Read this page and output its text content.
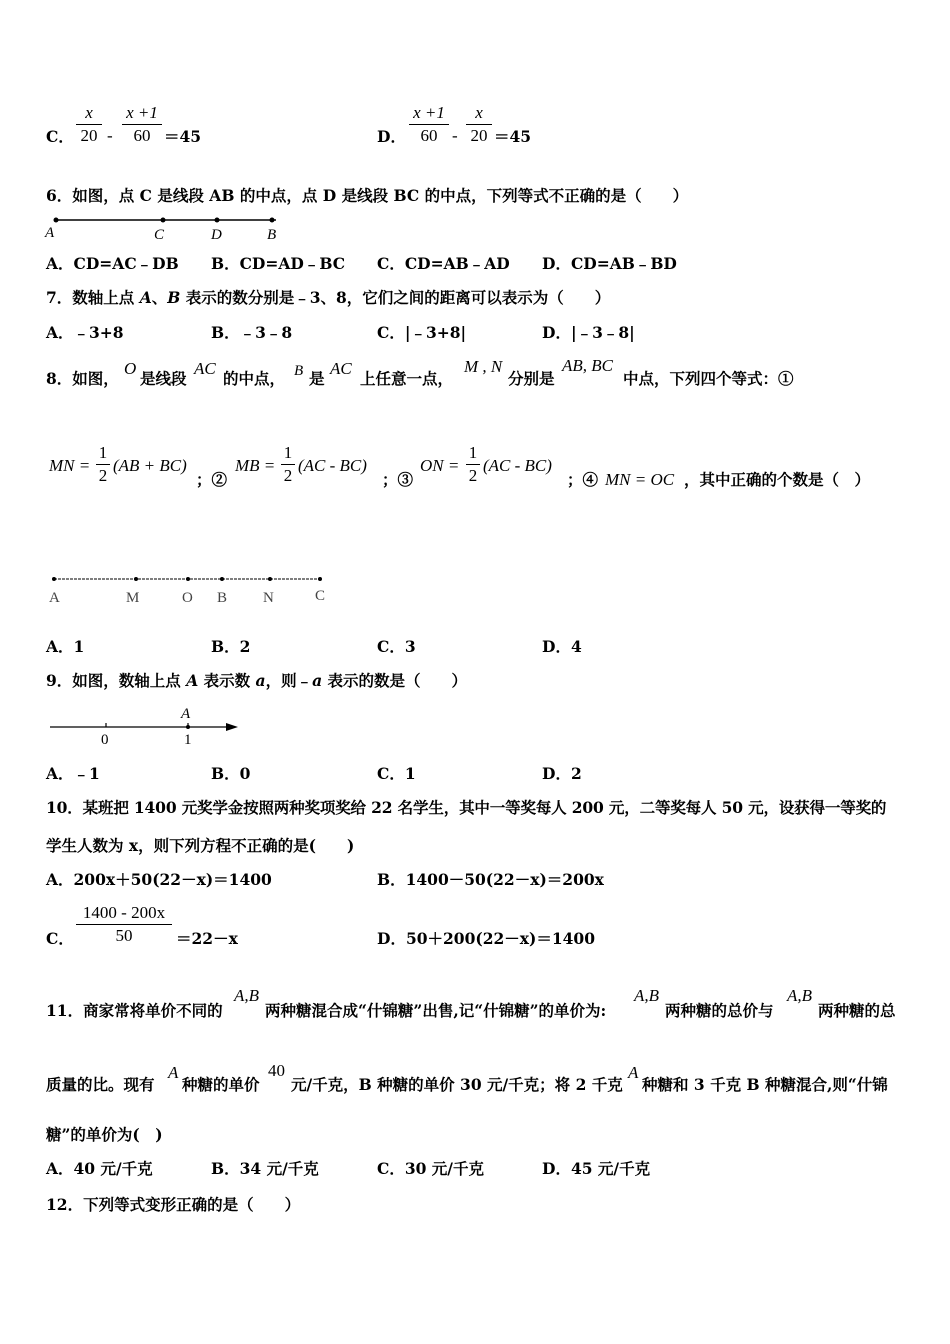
C．
x
20 -
x +1
60 ＝45	D．
x +1
60 -
x
20 ＝45
6．如图，点 C 是线段 AB 的中点，点 D 是线段 BC 的中点，下列等式不正确的是（　　）
A	C	D	B
A．CD=AC﹣DB B．CD=AD﹣BC C．CD=AB﹣AD D．CD=AB﹣BD
7．数轴上点 A、B 表示的数分别是﹣3、8，它们之间的距离可以表示为（　　）
A．﹣3+8	B．﹣3﹣8	C．|﹣3+8|	D．|﹣3﹣8|
8．如图，
O
是线段
AC
的中点， B 是
AC
上任意一点，
M , N
分别是
AB, BC
中点，下列四个等式：①
MN =
1
2
(AB + BC)
；②
MB =
1
2
(AC - BC)
；③
ON =
1
2
(AC - BC)
；④ MN = OC ，其中正确的个数是（　）
A	M	O B N	C
A．1	B．2	C．3	D．4
9．如图，数轴上点 A 表示数 a，则﹣a 表示的数是（　　）
A
0	1
A．﹣1	B．0	C．1	D．2
10．某班把 1400 元奖学金按照两种奖项奖给 22 名学生，其中一等奖每人 200 元，二等奖每人 50 元，设获得一等奖的
学生人数为 x，则下列方程不正确的是(　　)
A．200x＋50(22－x)＝1400	B．1400－50(22－x)＝200x
C．
1400 - 200x
50	＝22－x	D．50＋200(22－x)＝1400
11．商家常将单价不同的
A,B
两种糖混合成“什锦糖”出售,记“什锦糖”的单价为:
A,B
两种糖的总价与
A,B
两种糖的总
质量的比。现有
A
种糖的单价
40
元/千克，B 种糖的单价 30 元/千克；将 2 千克
A
种糖和 3 千克 B 种糖混合,则“什锦
糖”的单价为(　)
A．40 元/千克	B．34 元/千克	C．30 元/千克	D．45 元/千克
12．下列等式变形正确的是（　　）
